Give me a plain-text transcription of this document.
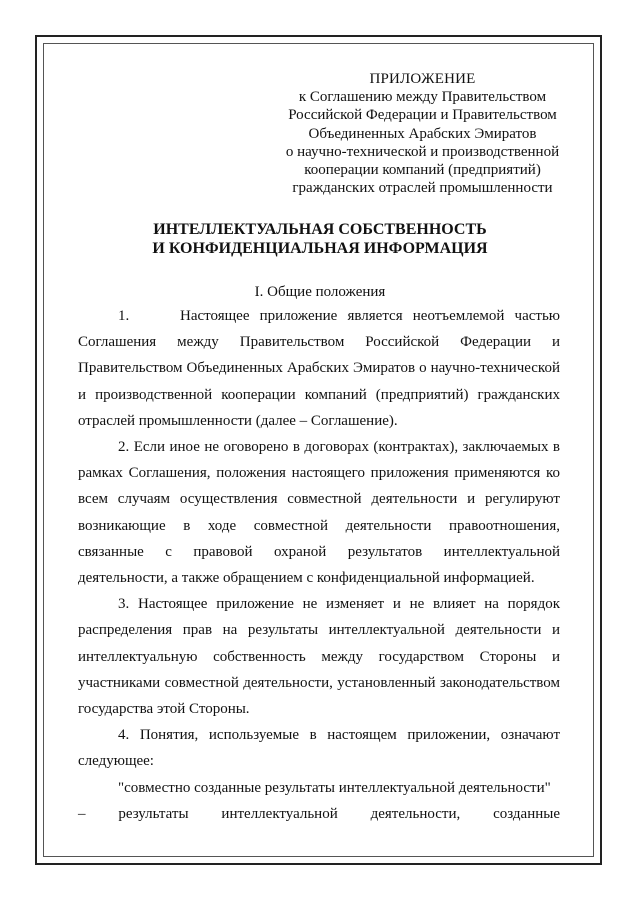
ПРИЛОЖЕНИЕ
к Соглашению между Правительством
Российской Федерации и Правительством
Объединенных Арабских Эмиратов
о научно-технической и производственной
кооперации компаний (предприятий)
гражданских отраслей промышленности
ИНТЕЛЛЕКТУАЛЬНАЯ СОБСТВЕННОСТЬ
И КОНФИДЕНЦИАЛЬНАЯ ИНФОРМАЦИЯ
I. Общие положения

1.     Настоящее приложение является неотъемлемой частью Соглашения между Правительством Российской Федерации и Правительством Объединенных Арабских Эмиратов о научно-технической и производственной кооперации компаний (предприятий) гражданских отраслей промышленности (далее – Соглашение).

2. Если иное не оговорено в договорах (контрактах), заключаемых в рамках Соглашения, положения настоящего приложения применяются ко всем случаям осуществления совместной деятельности и регулируют возникающие в ходе совместной деятельности правоотношения, связанные с правовой охраной результатов интеллектуальной деятельности, а также обращением с конфиденциальной информацией.

3. Настоящее приложение не изменяет и не влияет на порядок распределения прав на результаты интеллектуальной деятельности и интеллектуальную собственность между государством Стороны и участниками совместной деятельности, установленный законодательством государства этой Стороны.

4. Понятия, используемые в настоящем приложении, означают следующее:

"совместно созданные результаты интеллектуальной деятельности"

– результаты интеллектуальной деятельности, созданные
